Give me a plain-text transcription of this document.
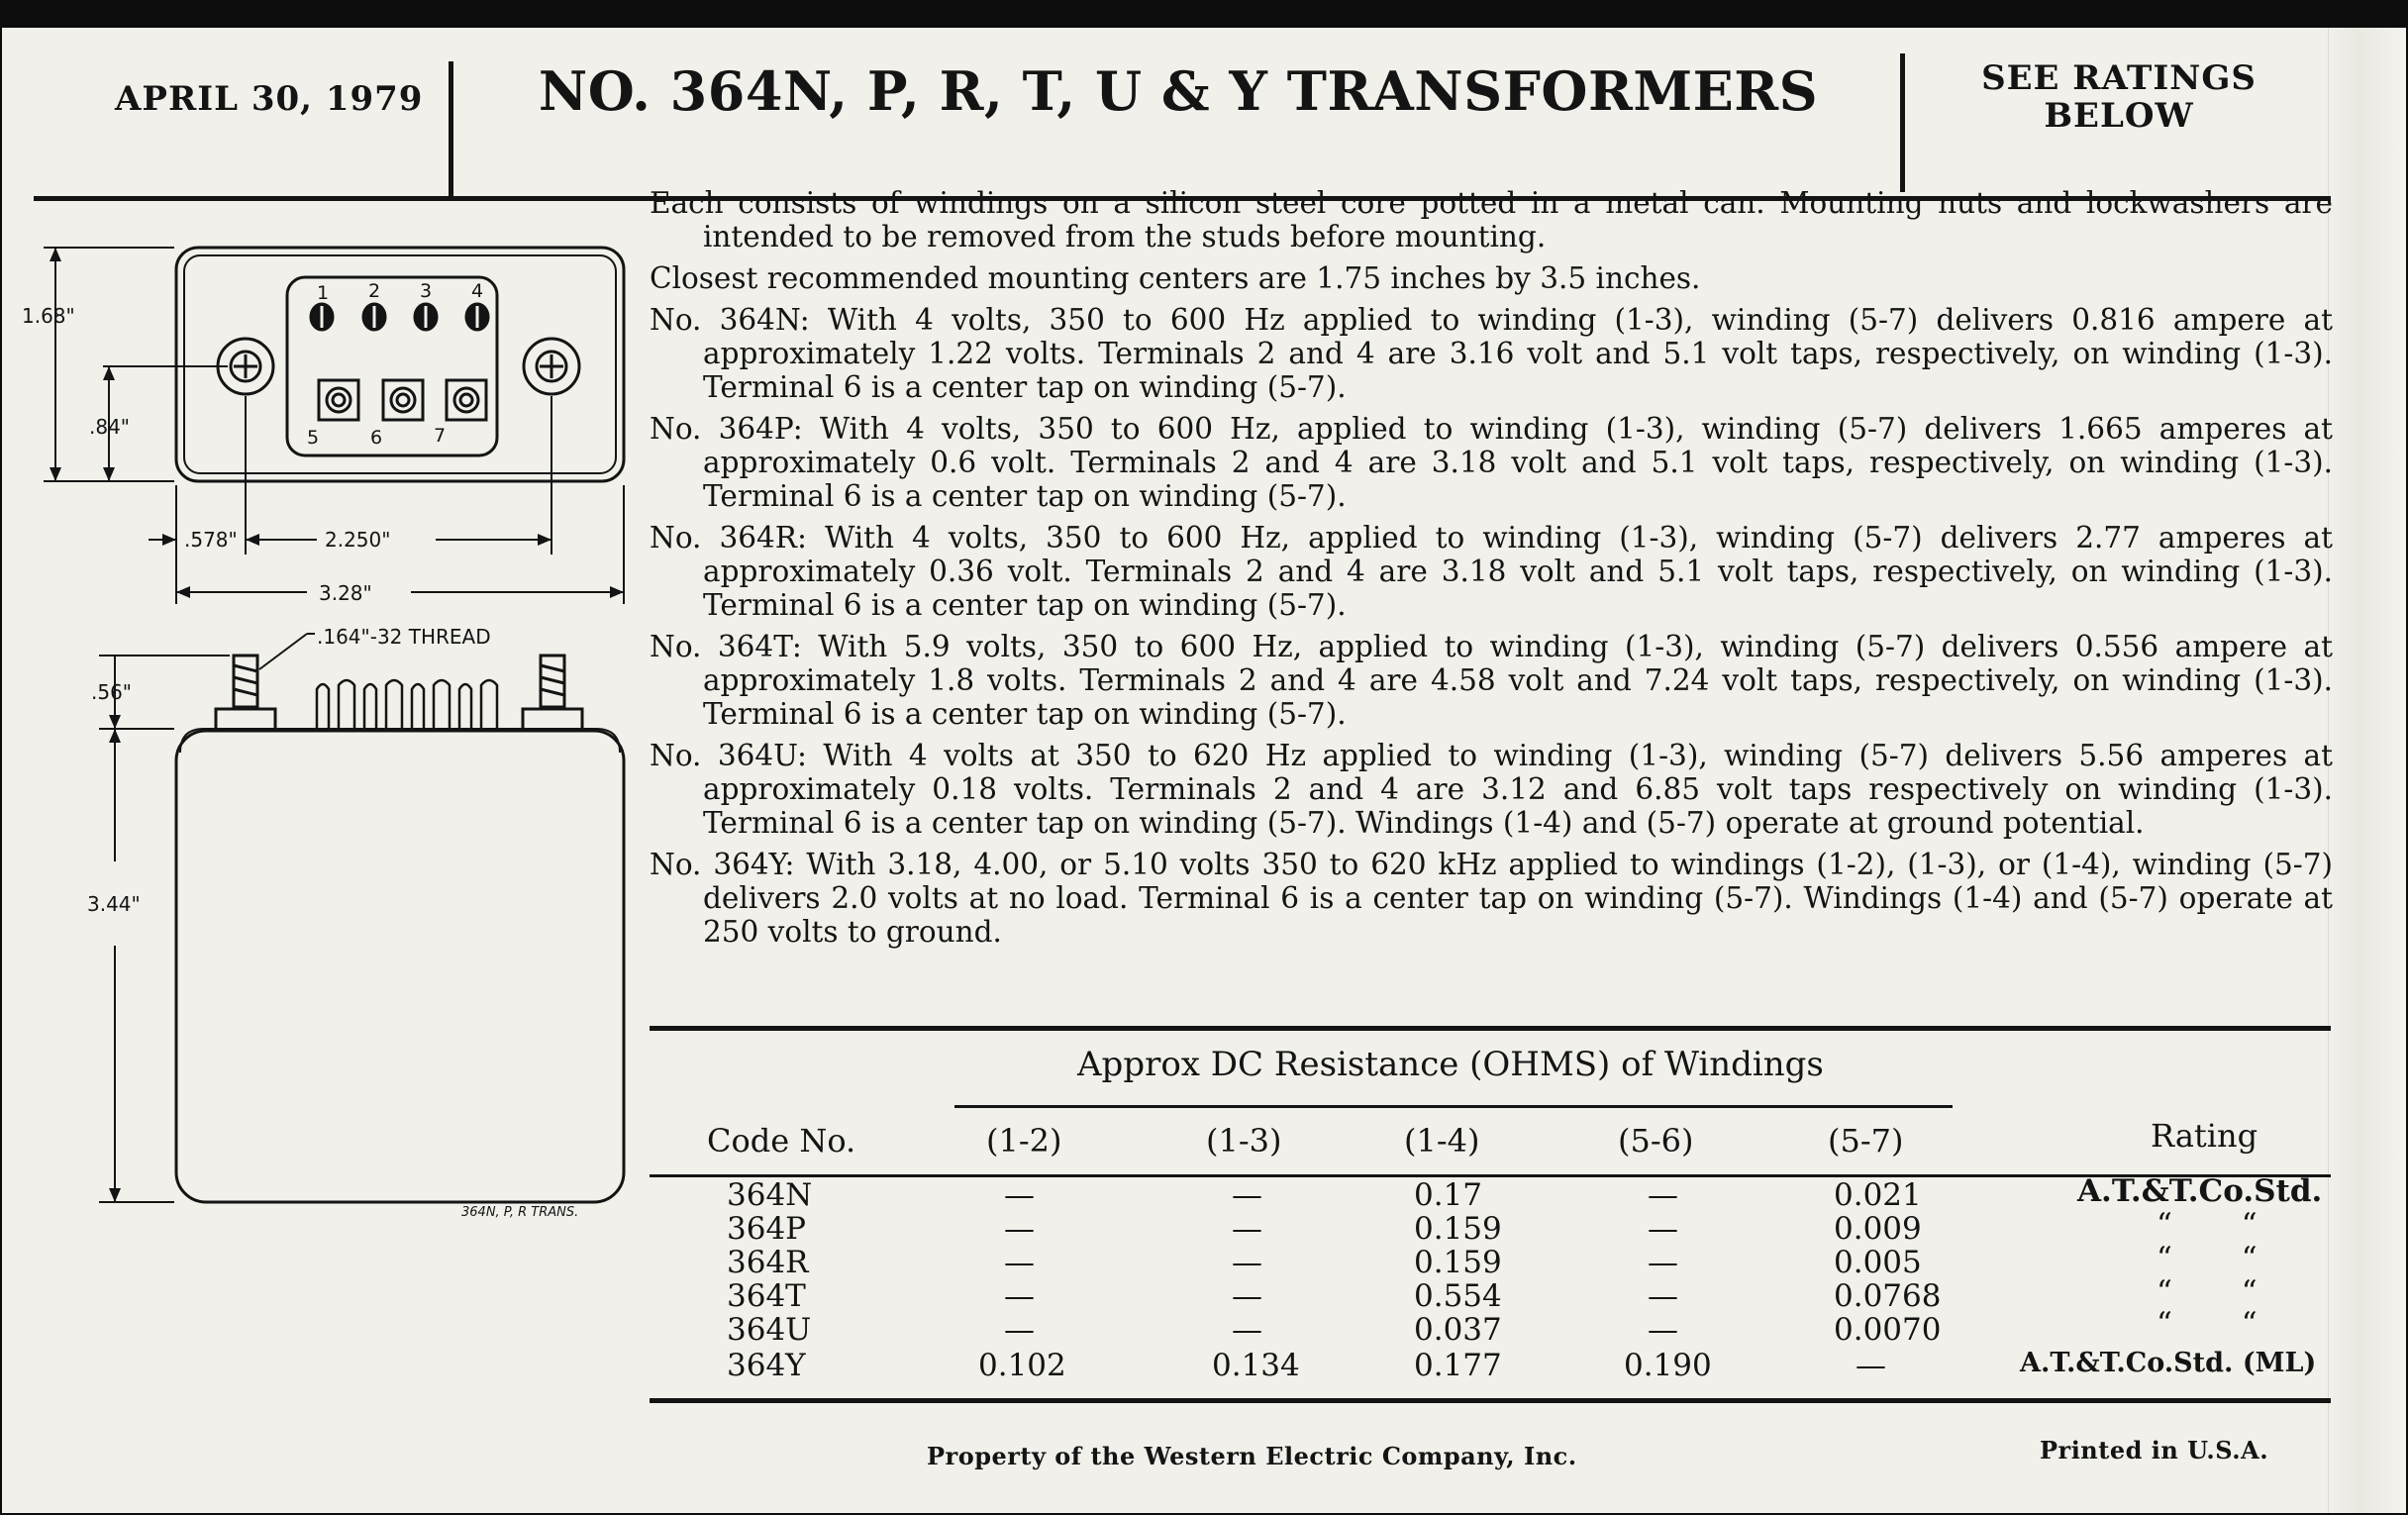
APRIL 30, 1979	NO. 364N, P, R, T, U & Y TRANSFORMERS	SEE RATINGS
BELOW
1 2 3 4
5	6	7
1.68"
.84"
.578"	2.250"
3.28"
.164"-32 THREAD
.56"
3.44"
364N, P, R TRANS.

Each consists of windings on a silicon steel core potted in a metal can. Mounting nuts and lockwashers are intended to be removed from the studs before mounting.

Closest recommended mounting centers are 1.75 inches by 3.5 inches.

No. 364N: With 4 volts, 350 to 600 Hz applied to winding (1-3), winding (5-7) delivers 0.816 ampere at approximately 1.22 volts. Terminals 2 and 4 are 3.16 volt and 5.1 volt taps, respectively, on winding (1-3). Terminal 6 is a center tap on winding (5-7).

No. 364P: With 4 volts, 350 to 600 Hz, applied to winding (1-3), winding (5-7) delivers 1.665 amperes at approximately 0.6 volt. Terminals 2 and 4 are 3.18 volt and 5.1 volt taps, respectively, on winding (1-3). Terminal 6 is a center tap on winding (5-7).

No. 364R: With 4 volts, 350 to 600 Hz, applied to winding (1-3), winding (5-7) delivers 2.77 amperes at approximately 0.36 volt. Terminals 2 and 4 are 3.18 volt and 5.1 volt taps, respectively, on winding (1-3). Terminal 6 is a center tap on winding (5-7).

No. 364T: With 5.9 volts, 350 to 600 Hz, applied to winding (1-3), winding (5-7) delivers 0.556 ampere at approximately 1.8 volts. Terminals 2 and 4 are 4.58 volt and 7.24 volt taps, respectively, on winding (1-3). Terminal 6 is a center tap on winding (5-7).

No. 364U: With 4 volts at 350 to 620 Hz applied to winding (1-3), winding (5-7) delivers 5.56 amperes at approximately 0.18 volts. Terminals 2 and 4 are 3.12 and 6.85 volt taps respectively on winding (1-3). Terminal 6 is a center tap on winding (5-7). Windings (1-4) and (5-7) operate at ground potential.

No. 364Y: With 3.18, 4.00, or 5.10 volts 350 to 620 kHz applied to windings (1-2), (1-3), or (1-4), winding (5-7) delivers 2.0 volts at no load. Terminal 6 is a center tap on winding (5-7). Windings (1-4) and (5-7) operate at 250 volts to ground.

Approx DC Resistance (OHMS) of Windings
Code No.	(1-2)	(1-3)	(1-4)	(5-6)	(5-7)	Rating
364N	—	—	0.17	—	0.021	A.T.&T.Co.Std.
364P	—	—	0.159	—	0.009	“ “
364R	—	—	0.159	—	0.005	“ “
364T	—	—	0.554	—	0.0768	“ “
364U	—	—	0.037	—	0.0070	“ “
364Y	0.102	0.134	0.177	0.190	—	A.T.&T.Co.Std. (ML)
Property of the Western Electric Company, Inc.	Printed in U.S.A.
